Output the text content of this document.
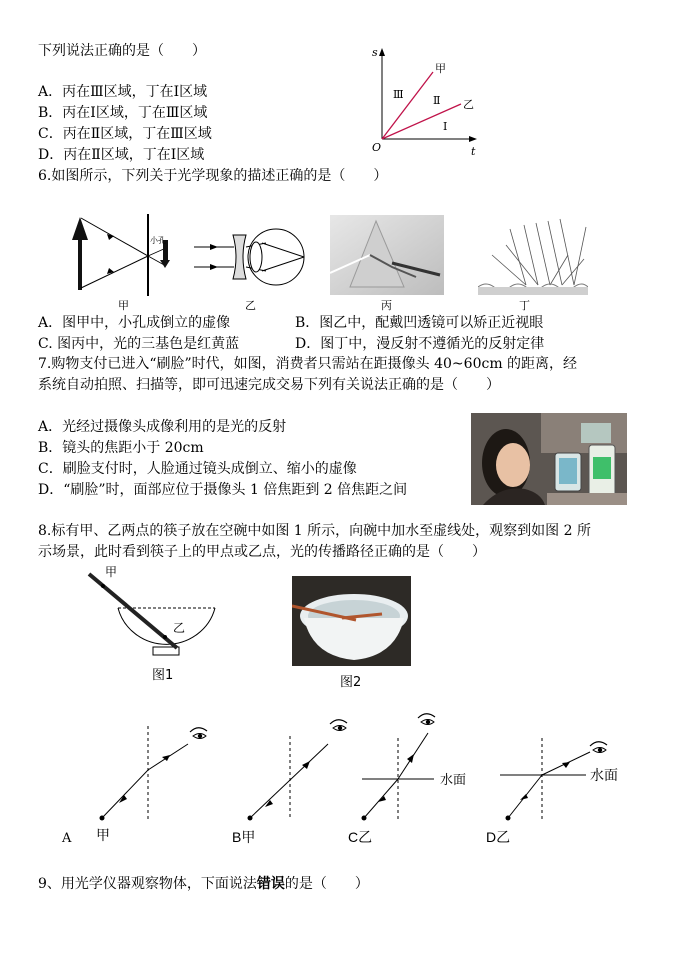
下列说法正确的是（　　）
A．丙在Ⅲ区域，丁在Ⅰ区域
B．丙在Ⅰ区域，丁在Ⅲ区域
C．丙在Ⅱ区域，丁在Ⅲ区域
D．丙在Ⅱ区域，丁在Ⅰ区域
s
t
O
甲
乙
Ⅲ	Ⅱ
Ⅰ
6.如图所示，下列关于光学现象的描述正确的是（　　）
小孔
甲	乙	丙	丁
A．图甲中，小孔成倒立的虚像	B．图乙中，配戴凹透镜可以矫正近视眼
C. 图丙中，光的三基色是红黄蓝	D．图丁中，漫反射不遵循光的反射定律
7.购物支付已进入“刷脸”时代，如图，消费者只需站在距摄像头 40~60cm 的距离，经
系统自动拍照、扫描等，即可迅速完成交易下列有关说法正确的是（　　）
A．光经过摄像头成像利用的是光的反射
B．镜头的焦距小于 20cm
C．刷脸支付时，人脸通过镜头成倒立、缩小的虚像
D．“刷脸”时，面部应位于摄像头 1 倍焦距到 2 倍焦距之间
8.标有甲、乙两点的筷子放在空碗中如图 1 所示，向碗中加水至虚线处，观察到如图 2 所
示场景，此时看到筷子上的甲点或乙点，光的传播路径正确的是（　　）
甲
乙
图1	图2
甲
A	B甲
水面
C乙
水面
D乙
9、用光学仪器观察物体，下面说法错误的是（　　）
